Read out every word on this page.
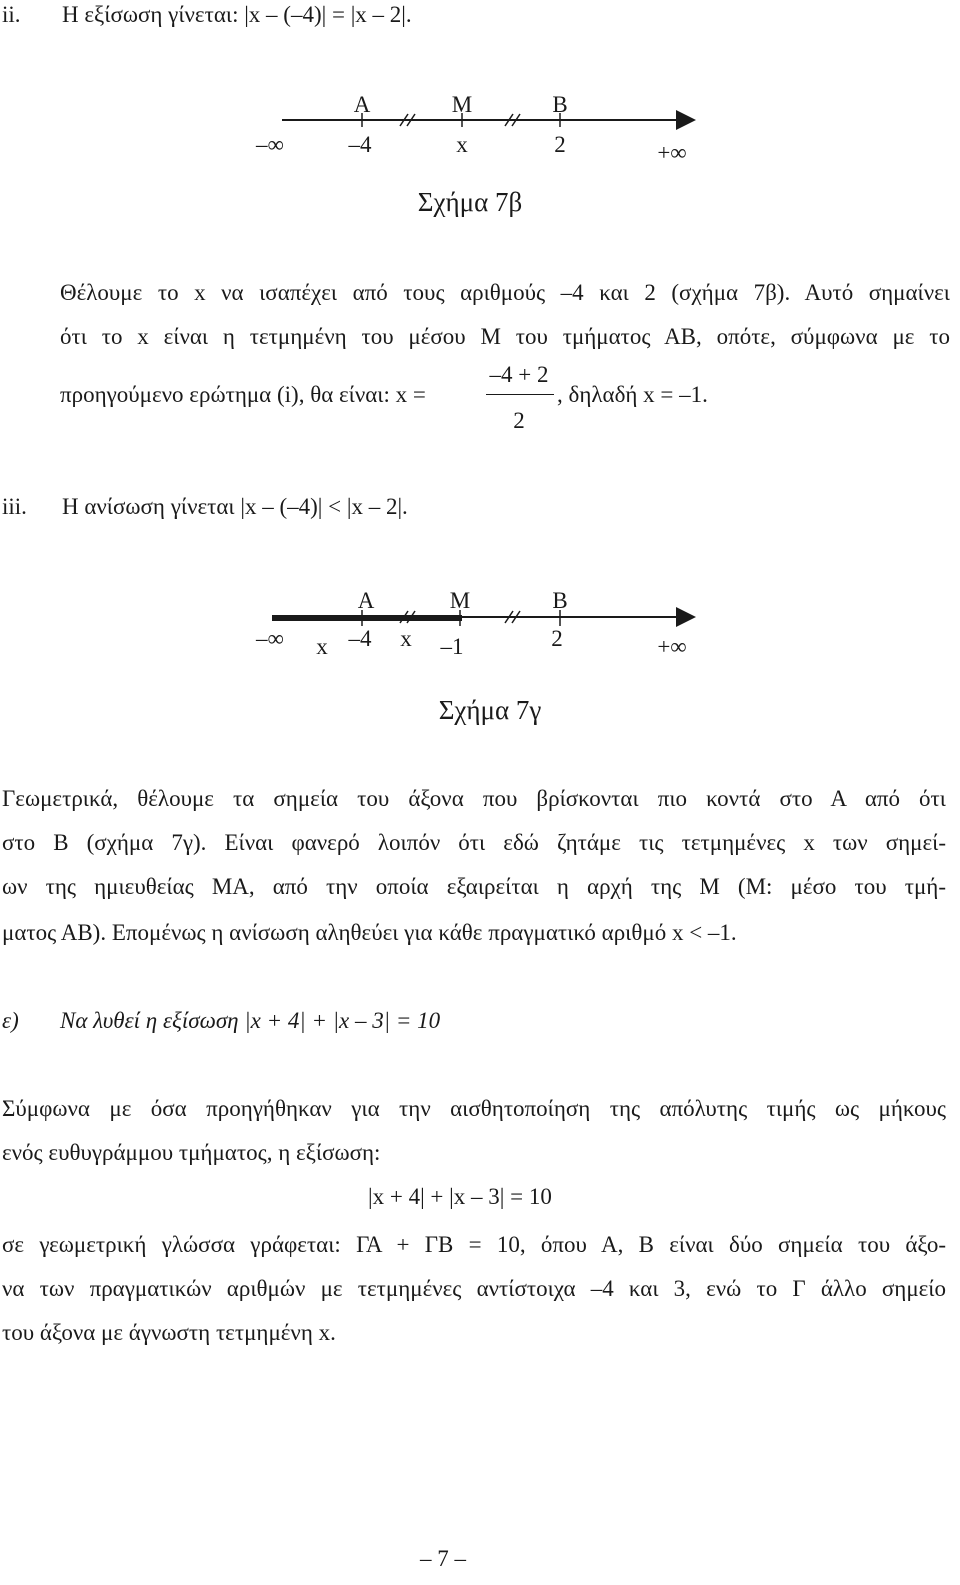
ii. Η εξίσωση γίνεται: |x – (–4)| = |x – 2|.
Α	Μ	Β
–∞	–4	x	2	+∞
Σχήμα 7β
Θέλουμε το x να ισαπέχει από τους αριθμούς –4 και 2 (σχήμα 7β). Αυτό σημαίνει
ότι το x είναι η τετμημένη του μέσου Μ του τμήματος ΑΒ, οπότε, σύμφωνα με το
προηγούμενο ερώτημα (i), θα είναι: x =
–4 + 2
2
, δηλαδή x = –1.
iii. Η ανίσωση γίνεται |x – (–4)| < |x – 2|.
Α	Μ	Β
–∞ x –4 x –1	2	+∞
Σχήμα 7γ
Γεωμετρικά, θέλουμε τα σημεία του άξονα που βρίσκονται πιο κοντά στο Α από ότι
στο Β (σχήμα 7γ). Είναι φανερό λοιπόν ότι εδώ ζητάμε τις τετμημένες x των σημεί-
ων της ημιευθείας ΜΑ, από την οποία εξαιρείται η αρχή της Μ (Μ: μέσο του τμή-
ματος ΑΒ). Επομένως η ανίσωση αληθεύει για κάθε πραγματικό αριθμό x < –1.
ε) Να λυθεί η εξίσωση |x + 4| + |x – 3| = 10
Σύμφωνα με όσα προηγήθηκαν για την αισθητοποίηση της απόλυτης τιμής ως μήκους
ενός ευθυγράμμου τμήματος, η εξίσωση:
|x + 4| + |x – 3| = 10
σε γεωμετρική γλώσσα γράφεται: ΓΑ + ΓΒ = 10, όπου Α, Β είναι δύο σημεία του άξο-
να των πραγματικών αριθμών με τετμημένες αντίστοιχα –4 και 3, ενώ το Γ άλλο σημείο
του άξονα με άγνωστη τετμημένη x.
– 7 –
